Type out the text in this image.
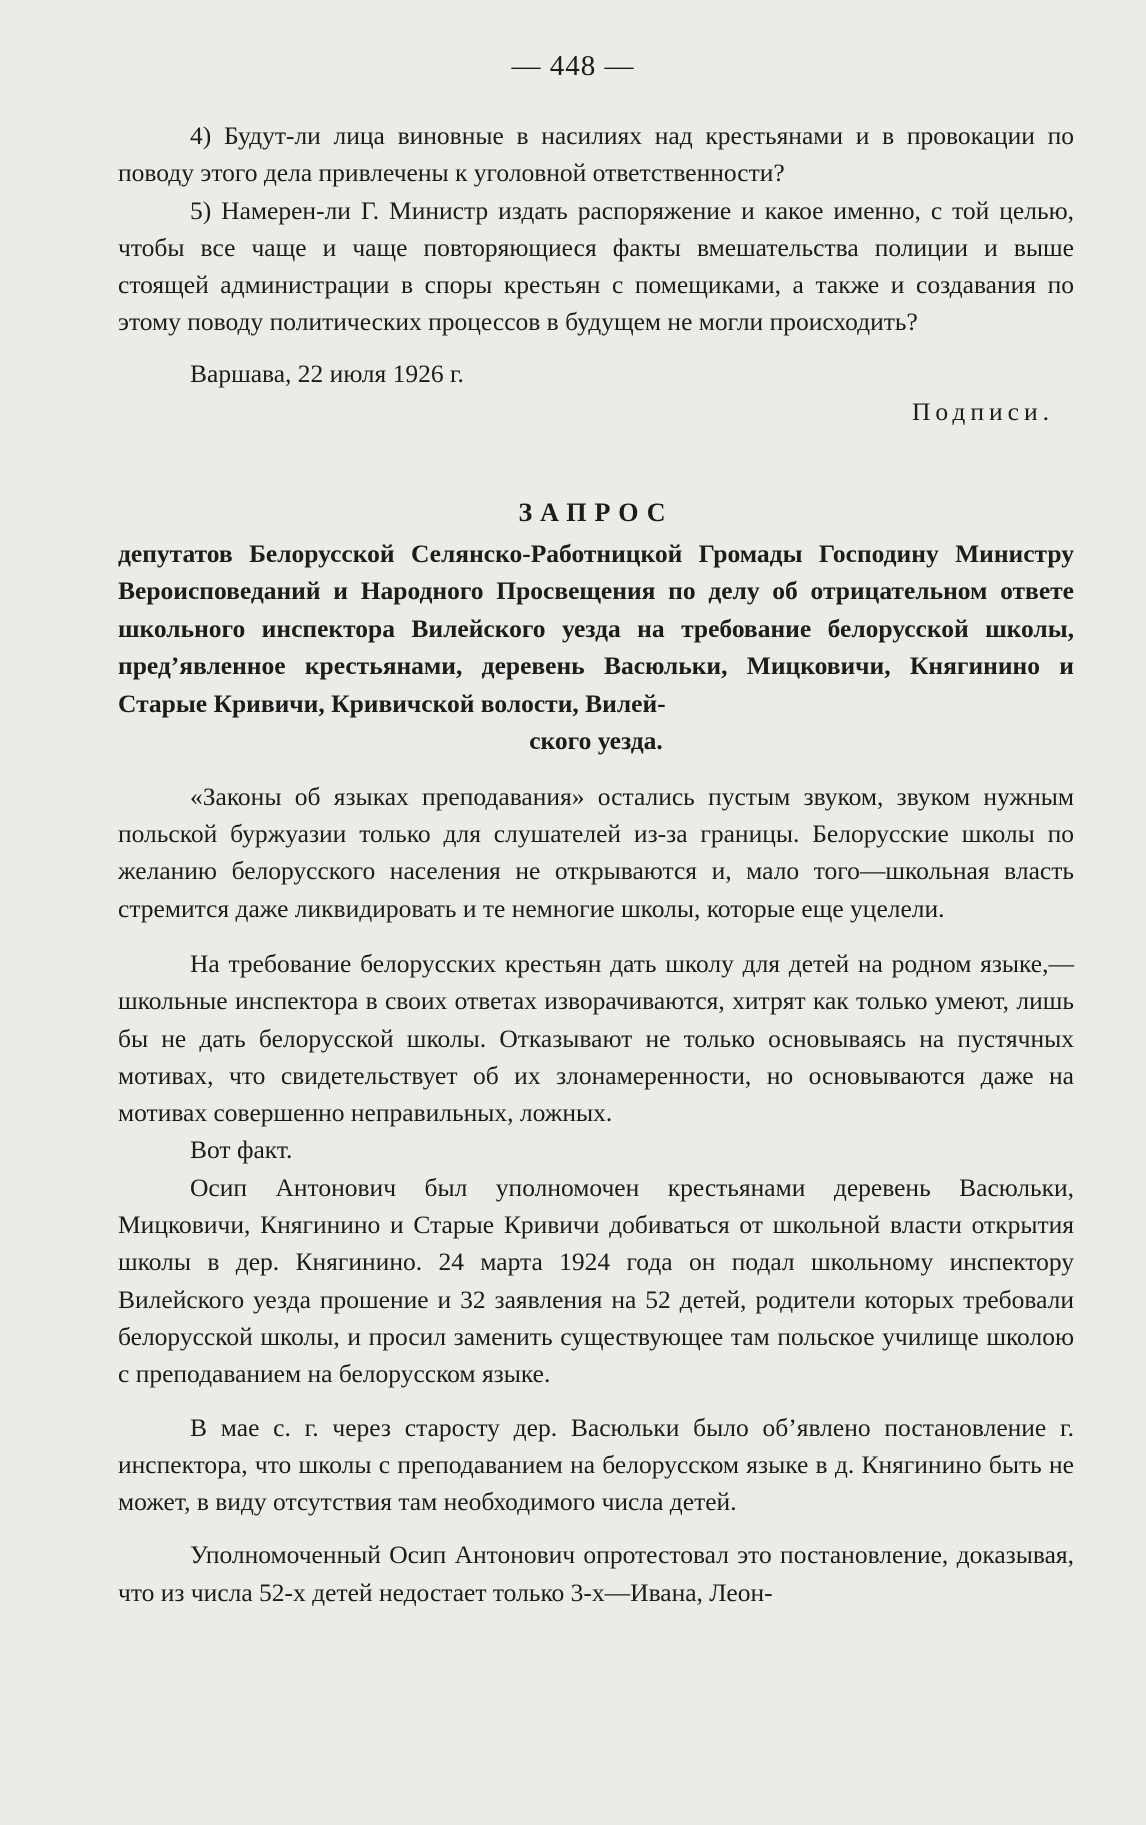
— 448 —

4) Будут-ли лица виновные в насилиях над крестьянами и в провокации по поводу этого дела привлечены к уголовной ответственности?

5) Намерен-ли Г. Министр издать распоряжение и какое именно, с той целью, чтобы все чаще и чаще повторяющиеся факты вмешательства полиции и выше стоящей администрации в споры крестьян с помещиками, а также и создавания по этому поводу политических процессов в будущем не могли происходить?

Варшава, 22 июля 1926 г.

Подписи.

ЗАПРОС

депутатов Белорусской Селянско-Работницкой Громады Господину Министру Вероисповеданий и Народного Просвещения по делу об отрицательном ответе школьного инспектора Вилейского уезда на требование белорусской школы, пред’явленное крестьянами, деревень Васюльки, Мицковичи, Княгинино и Старые Кривичи, Кривичской волости, Вилей-

ского уезда.

«Законы об языках преподавания» остались пустым звуком, звуком нужным польской буржуазии только для слушателей из-за границы. Белорусские школы по желанию белорусского населения не открываются и, мало того—школьная власть стремится даже ликвидировать и те немногие школы, которые еще уцелели.

На требование белорусских крестьян дать школу для детей на родном языке,—школьные инспектора в своих ответах изворачиваются, хитрят как только умеют, лишь бы не дать белорусской школы. Отказывают не только основываясь на пустячных мотивах, что свидетельствует об их злонамеренности, но основываются даже на мотивах совершенно неправильных, ложных.

Вот факт.

Осип Антонович был уполномочен крестьянами деревень Васюльки, Мицковичи, Княгинино и Старые Кривичи добиваться от школьной власти открытия школы в дер. Княгинино. 24 марта 1924 года он подал школьному инспектору Вилейского уезда прошение и 32 заявления на 52 детей, родители которых требовали белорусской школы, и просил заменить существующее там польское училище школою с преподаванием на белорусском языке.

В мае с. г. через старосту дер. Васюльки было об’явлено постановление г. инспектора, что школы с преподаванием на белорусском языке в д. Княгинино быть не может, в виду отсутствия там необходимого числа детей.

Уполномоченный Осип Антонович опротестовал это постановление, доказывая, что из числа 52-х детей недостает только 3-х—Ивана, Леон-
